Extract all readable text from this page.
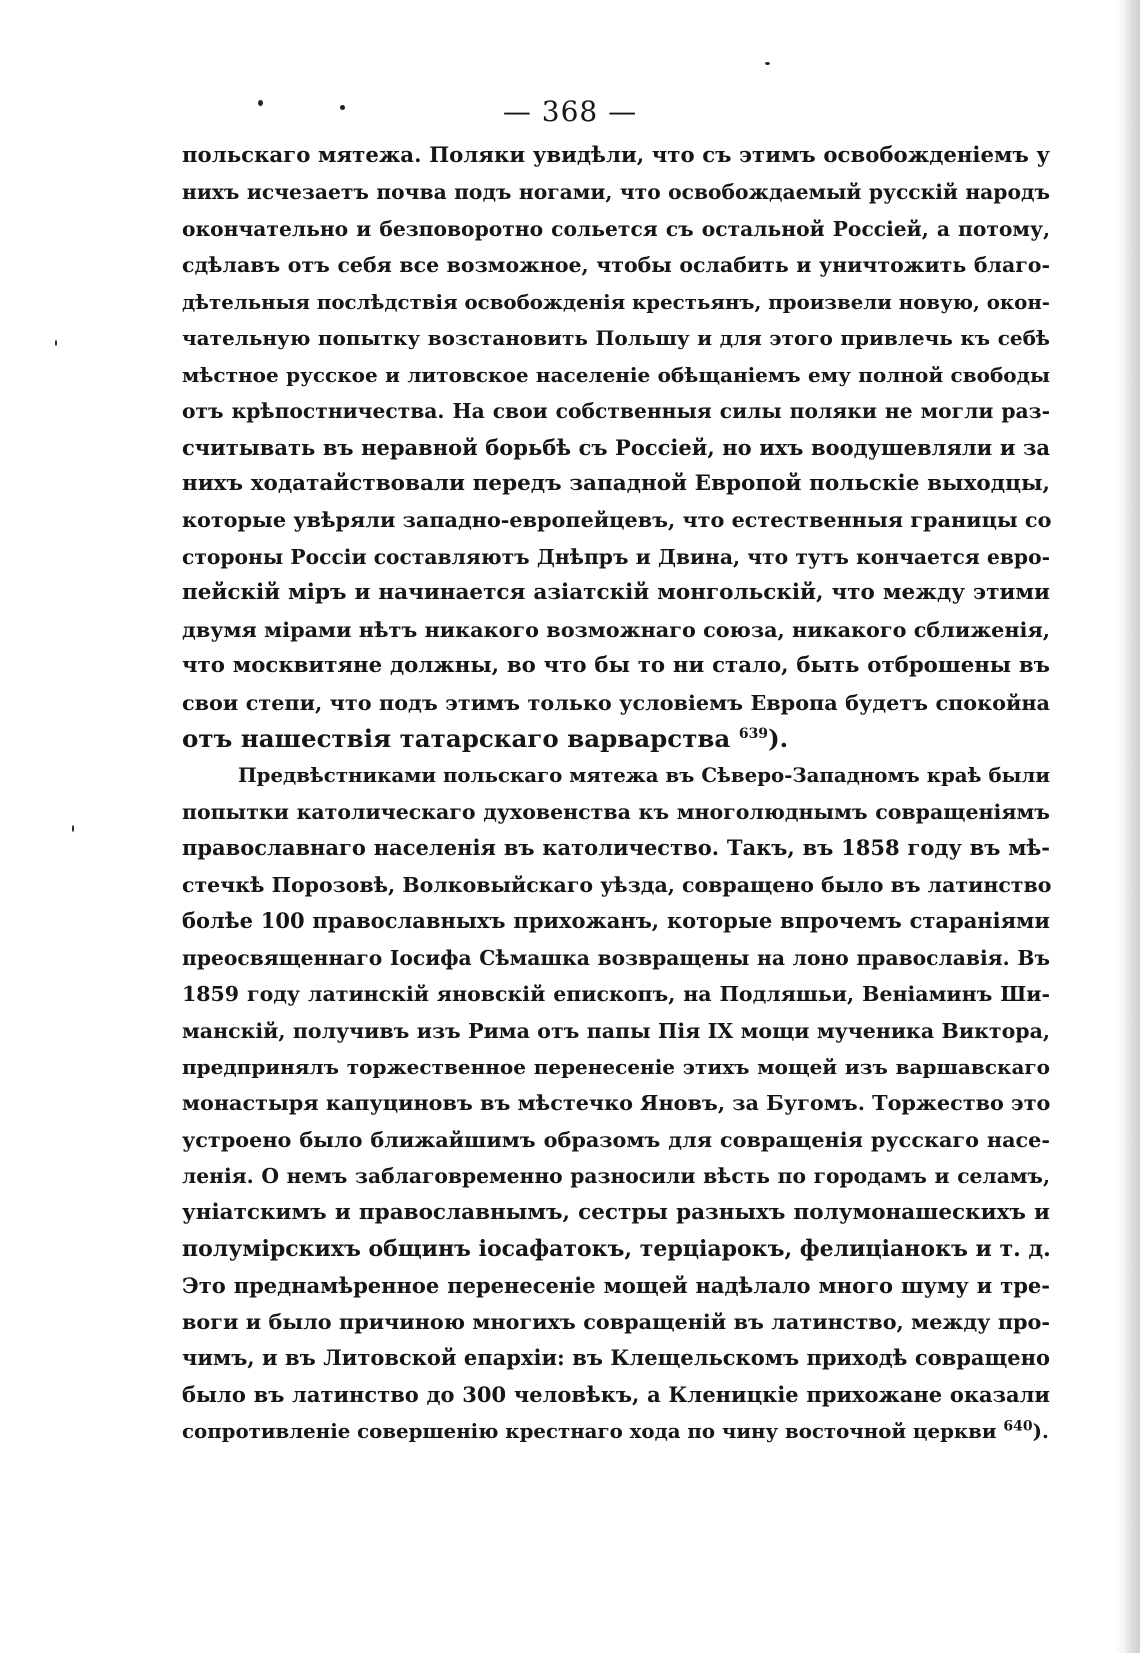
— 368 —
польскаго мятежа. Поляки увидѣли, что съ этимъ освобожденiемъ у
нихъ исчезаетъ почва подъ ногами, что освобождаемый русскiй народъ
окончательно и безповоротно сольется съ остальной Россiей, а потому,
сдѣлавъ отъ себя все возможное, чтобы ослабить и уничтожить благо-
дѣтельныя послѣдствiя освобожденiя крестьянъ, произвели новую, окон-
чательную попытку возстановить Польшу и для этого привлечь къ себѣ
мѣстное русское и литовское населенiе обѣщанiемъ ему полной свободы
отъ крѣпостничества. На свои собственныя силы поляки не могли раз-
считывать въ неравной борьбѣ съ Россiей, но ихъ воодушевляли и за
нихъ ходатайствовали передъ западной Европой польскiе выходцы,
которые увѣряли западно-европейцевъ, что естественныя границы со
стороны Россiи составляютъ Днѣпръ и Двина, что тутъ кончается евро-
пейскiй мiръ и начинается азiатскiй монгольскiй, что между этими
двумя мiрами нѣтъ никакого возможнаго союза, никакого сближенiя,
что москвитяне должны, во что бы то ни стало, быть отброшены въ
свои степи, что подъ этимъ только условiемъ Европа будетъ спокойна
отъ нашествiя татарскаго варварства $^{639}$).
Предвѣстниками польскаго мятежа въ Сѣверо-Западномъ краѣ были
попытки католическаго духовенства къ многолюднымъ совращенiямъ
православнаго населенiя въ католичество. Такъ, въ 1858 году въ мѣ-
стечкѣ Порозовѣ, Волковыйскаго уѣзда, совращено было въ латинство
болѣе 100 православныхъ прихожанъ, которые впрочемъ старанiями
преосвященнаго Iосифа Сѣмашка возвращены на лоно православiя. Въ
1859 году латинскiй яновскiй епископъ, на Подляшьи, Венiаминъ Ши-
манскiй, получивъ изъ Рима отъ папы Пiя IX мощи мученика Виктора,
предпринялъ торжественное перенесенiе этихъ мощей изъ варшавскаго
монастыря капуциновъ въ мѣстечко Яновъ, за Бугомъ. Торжество это
устроено было ближайшимъ образомъ для совращенiя русскаго насе-
ленiя. О немъ заблаговременно разносили вѣсть по городамъ и селамъ,
унiатскимъ и православнымъ, сестры разныхъ полумонашескихъ и
полумiрскихъ общинъ iосафатокъ, терцiарокъ, фелицiанокъ и т. д.
Это преднамѣренное перенесенiе мощей надѣлало много шуму и тре-
воги и было причиною многихъ совращенiй въ латинство, между про-
чимъ, и въ Литовской епархiи: въ Клещельскомъ приходѣ совращено
было въ латинство до 300 человѣкъ, а Кленицкiе прихожане оказали
сопротивленiе совершенiю крестнаго хода по чину восточной церкви $^{640}$).
